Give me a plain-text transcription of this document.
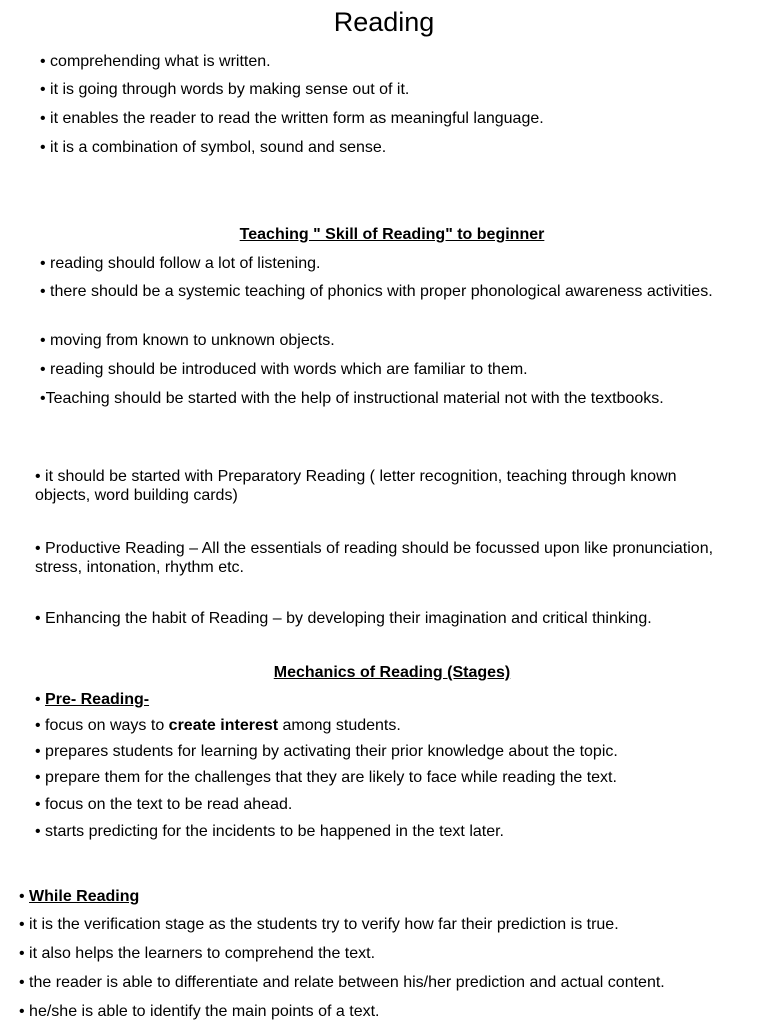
Reading
• comprehending what is written.
• it is going through words by making sense out of it.
• it enables the reader to read the written form as meaningful language.
• it is a combination of symbol, sound and sense.
Teaching " Skill of Reading" to beginner
• reading should follow a lot of listening.
• there should be a systemic teaching of phonics with proper phonological awareness activities.
• moving from known to unknown objects.
• reading should be introduced with words which are familiar to them.
•Teaching should be started with the help of instructional material not with the textbooks.
• it should be started with Preparatory Reading ( letter recognition, teaching through known objects, word building cards)
• Productive Reading – All the essentials of reading should be focussed upon like pronunciation, stress, intonation, rhythm etc.
• Enhancing the habit of Reading – by developing their imagination and critical thinking.
Mechanics of Reading (Stages)
• Pre- Reading-
• focus on ways to create interest among students.
• prepares students for learning by activating their prior knowledge about the topic.
• prepare them for the challenges that they are likely to face while reading the text.
• focus on the text to be read ahead.
• starts predicting for the incidents to be happened in the text later.
• While Reading
• it is the verification stage as the students try to verify how far their prediction is true.
• it also helps the learners to comprehend the text.
• the reader is able to differentiate and relate between his/her prediction and actual content.
• he/she is able to identify the main points of a text.
